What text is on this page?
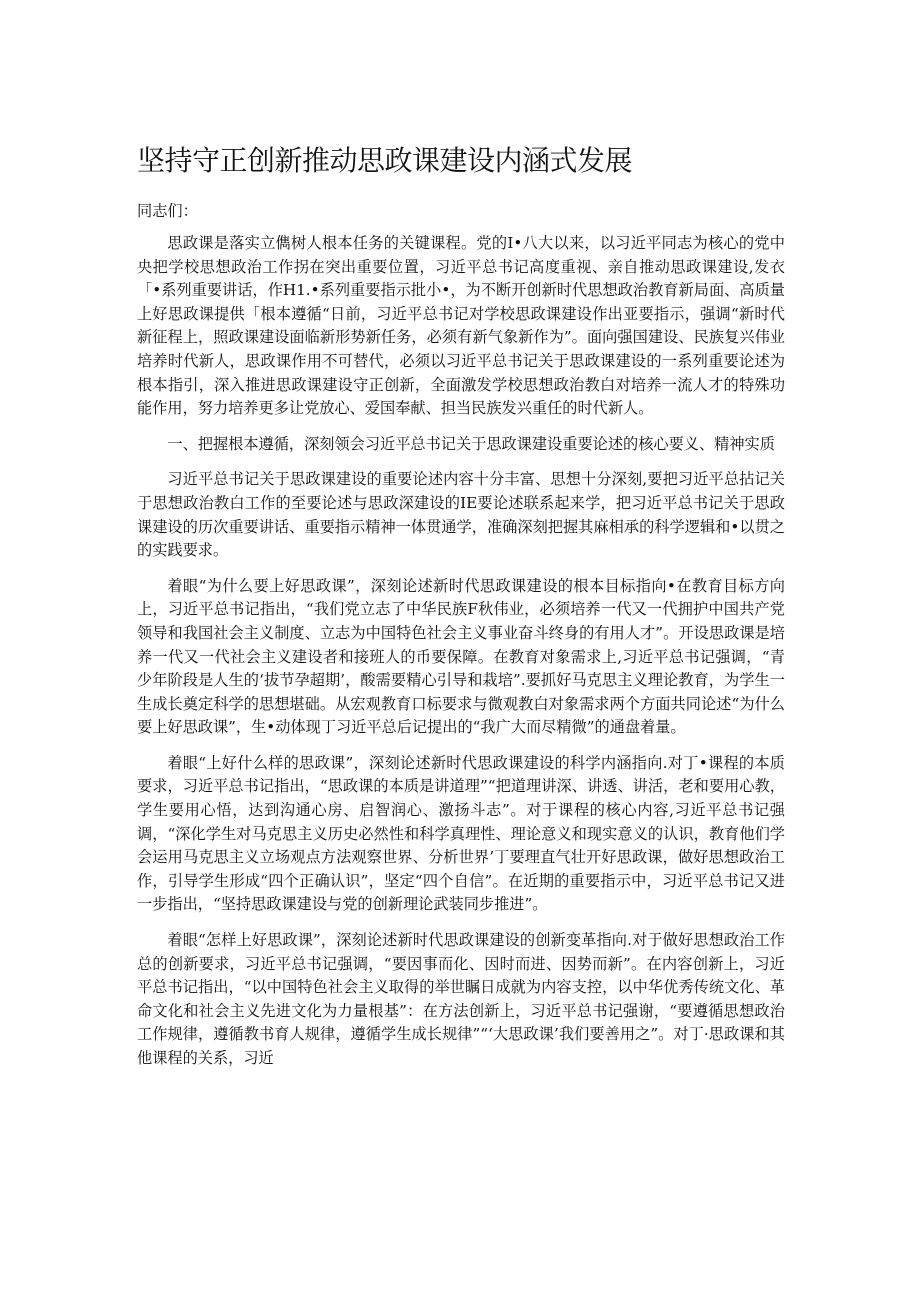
坚持守正创新推动思政课建设内涵式发展
同志们：

思政课是落实立儁树人根本任务的关键课程。党的I•八大以来，以习近平同志为核心的党中央把学校思想政治工作拐在突出重要位置，习近平总书记高度重视、亲自推动思政课建设,发衣「•系列重要讲话，作H1.•系列重要指示批小•，为不断开创新时代思想政治教育新局面、高质量上好思政课提供「根本遵循“日前，习近平总书记对学校思政课建设作出亚要指示，强调“新时代新征程上，照政课建设面临新形势新任务，必须有新气象新作为”。面向强国建设、民族复兴伟业培养时代新人，思政课作用不可替代，必须以习近平总书记关于思政课建设的一系列重要论述为根本指引，深入推进思政课建设守正创新，全面激发学校思想政治教白对培养一流人才的特殊功能作用，努力培养更多让党放心、爱国奉献、担当民族发兴重任的时代新人。

一、把握根本遵循，深刻领会习近平总书记关于思政课建设重要论述的核心要义、精神实质

习近平总书记关于思政课建设的重要论述内容十分丰富、思想十分深刻,要把习近平总拈记关于思想政治教白工作的至要论述与思政深建设的IE要论述联系起来学，把习近平总书记关于思政课建设的历次重要讲话、重要指示精神一体贯通学，准确深刻把握其麻相承的科学逻辑和•以贯之的实践要求。

着眼“为什么要上好思政课”，深刻论述新时代思政课建设的根本目标指向•在教育目标方向上，习近平总书记指出，“我们党立志了中华民族F秋伟业，必须培养一代又一代拥护中国共产党领导和我国社会主义制度、立志为中国特色社会主义事业奋斗终身的有用人才”。开设思政课是培养一代又一代社会主义建设者和接班人的币要保障。在教育对象需求上,习近平总书记强调，“青少年阶段是人生的‘拔节孕超期’，酸需要精心引导和栽培”.要抓好马克思主义理论教育，为学生一生成长奠定科学的思想堪础。从宏观教育口标要求与微观教白对象需求两个方面共同论述“为什么要上好思政课”，生•动体现丁习近平总后记提出的“我广大而尽精微”的通盘着量。

着眼“上好什么样的思政课”，深刻论述新时代思政课建设的科学内涵指向.对丁•课程的本质要求，习近平总书记指出，“思政课的本质是讲道理”“把道理讲深、讲透、讲活，老和要用心教，学生要用心悟，达到沟通心房、启智润心、激扬斗志”。对于课程的核心内容,习近平总书记强调，“深化学生对马克思主义历史必然性和科学真理性、理论意义和现实意义的认识，教育他们学会运用马克思主义立场观点方法观察世界、分析世界’丁要理直气壮开好思政课，做好思想政治工作，引导学生形成“四个正确认识”，坚定“四个自信”。在近期的重要指示中，习近平总书记又进一步指出，“坚持思政课建设与党的创新理论武装同步推进”。

着眼“怎样上好思政课”，深刻论述新时代思政课建设的创新变革指向.对于做好思想政治工作总的创新要求，习近平总书记强调，“要因事而化、因时而进、因势而新”。在内容创新上，习近平总书记指出，“以中国特色社会主义取得的举世瞩日成就为内容支控，以中华优秀传统文化、革命文化和社会主义先进文化为力量根基”：在方法创新上，习近平总书记强谢，“要遵循思想政治工作规律，遵循教书育人规律，遵循学生成长规律”“‘大思政课’我们要善用之”。对丁·思政课和其他课程的关系，习近
